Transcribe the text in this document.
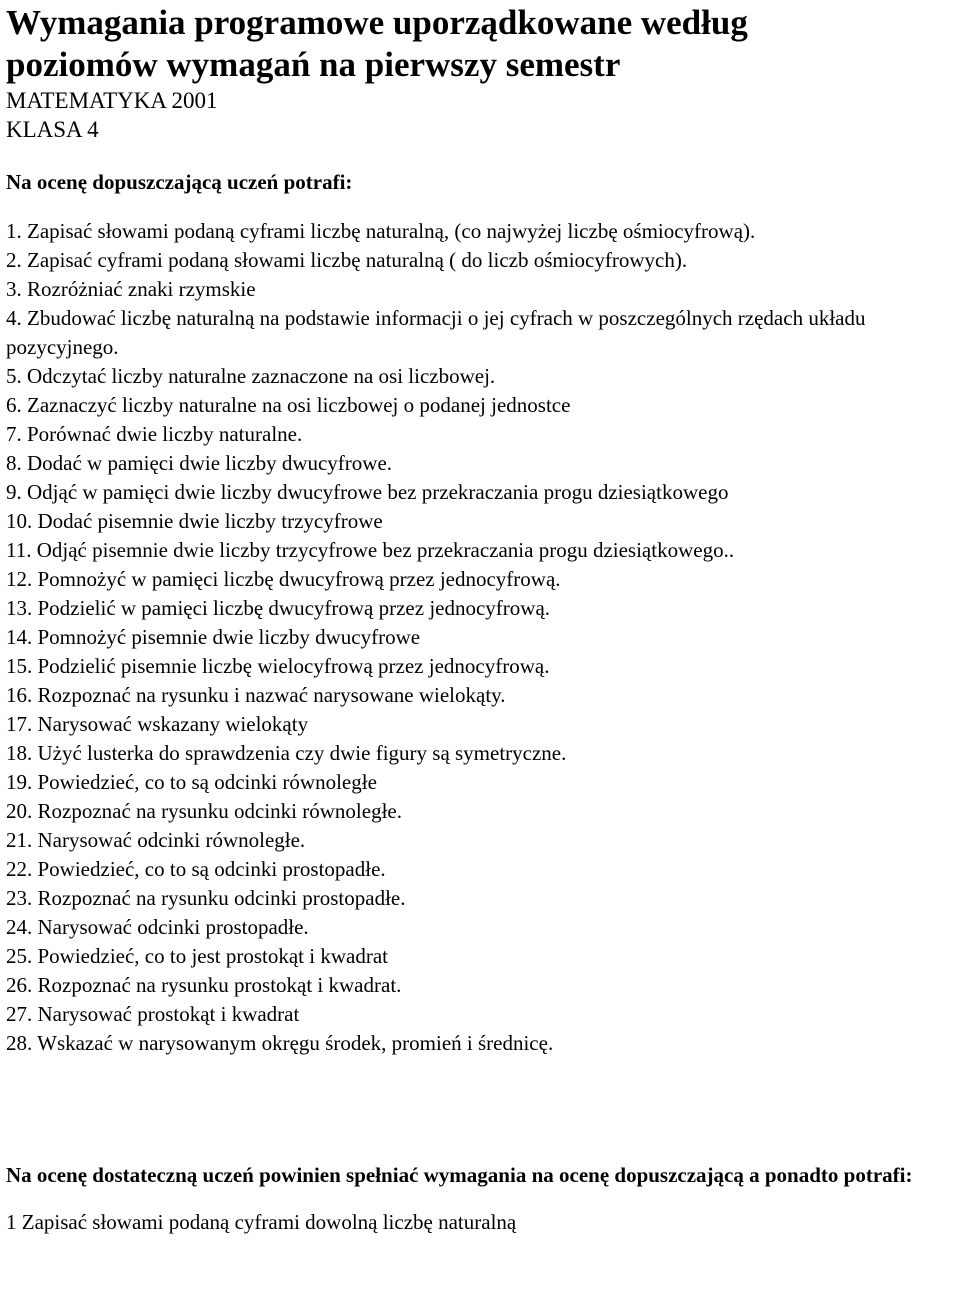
Wymagania programowe uporządkowane według
poziomów wymagań na pierwszy semestr
MATEMATYKA 2001
KLASA 4
Na ocenę dopuszczającą uczeń potrafi:
1. Zapisać słowami podaną cyframi liczbę naturalną, (co najwyżej liczbę ośmiocyfrową).
2. Zapisać cyframi podaną słowami liczbę naturalną ( do liczb ośmiocyfrowych).
3. Rozróżniać znaki rzymskie
4. Zbudować liczbę naturalną na podstawie informacji o jej cyfrach w poszczególnych rzędach układu pozycyjnego.
5. Odczytać liczby naturalne zaznaczone na osi liczbowej.
6. Zaznaczyć liczby naturalne na osi liczbowej o podanej jednostce
7. Porównać dwie liczby naturalne.
8. Dodać w pamięci dwie liczby dwucyfrowe.
9. Odjąć w pamięci dwie liczby dwucyfrowe bez przekraczania progu dziesiątkowego
10. Dodać pisemnie dwie liczby trzycyfrowe
11. Odjąć pisemnie dwie liczby trzycyfrowe bez przekraczania progu dziesiątkowego..
12. Pomnożyć w pamięci liczbę dwucyfrową przez jednocyfrową.
13. Podzielić w pamięci liczbę dwucyfrową przez jednocyfrową.
14. Pomnożyć pisemnie dwie liczby dwucyfrowe
15. Podzielić pisemnie liczbę wielocyfrową przez jednocyfrową.
16. Rozpoznać na rysunku i nazwać narysowane wielokąty.
17. Narysować wskazany wielokąty
18. Użyć lusterka do sprawdzenia czy dwie figury są symetryczne.
19. Powiedzieć, co to są odcinki równoległe
20. Rozpoznać na rysunku odcinki równoległe.
21. Narysować odcinki równoległe.
22. Powiedzieć, co to są odcinki prostopadłe.
23. Rozpoznać na rysunku odcinki prostopadłe.
24. Narysować odcinki prostopadłe.
25. Powiedzieć, co to jest prostokąt i kwadrat
26. Rozpoznać na rysunku prostokąt i kwadrat.
27. Narysować prostokąt i kwadrat
28. Wskazać w narysowanym okręgu środek, promień i średnicę.
Na ocenę dostateczną uczeń powinien spełniać wymagania na ocenę dopuszczającą a ponadto potrafi:
1 Zapisać słowami podaną cyframi dowolną liczbę naturalną
